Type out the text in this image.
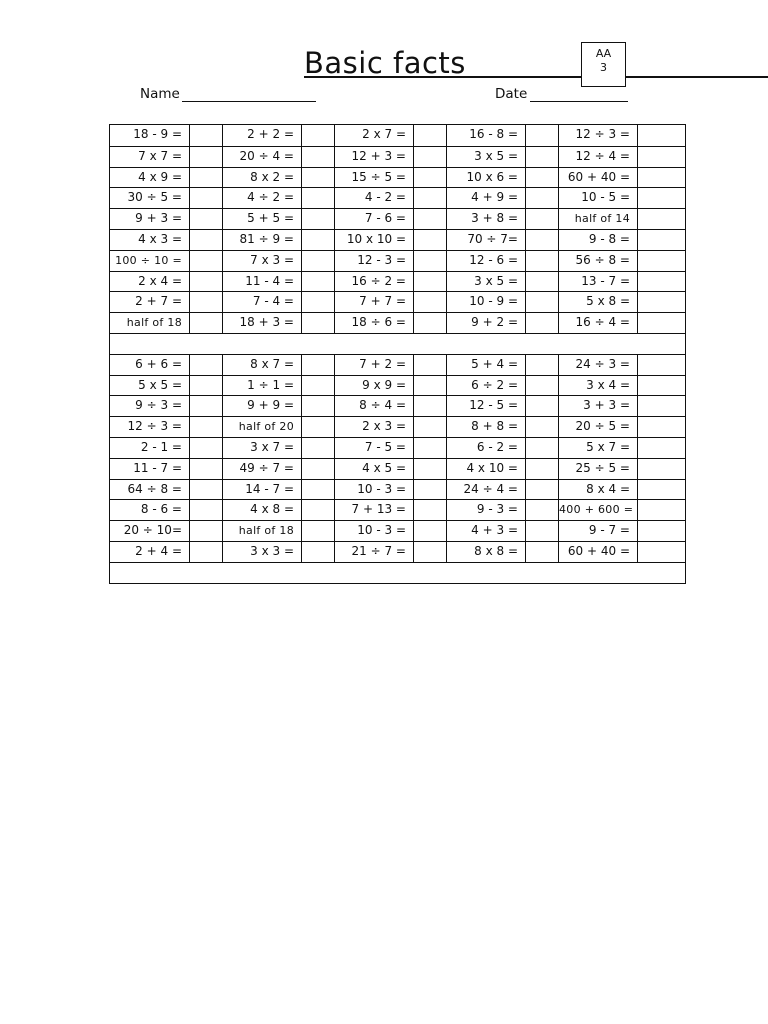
Basic facts	AA
3
Name	Date
18 - 9 =	2 + 2 =	2 x 7 =	16 - 8 =	12 ÷ 3 =
7 x 7 =	20 ÷ 4 =	12 + 3 =	3 x 5 =	12 ÷ 4 =
4 x 9 =	8 x 2 =	15 ÷ 5 =	10 x 6 =	60 + 40 =
30 ÷ 5 =	4 ÷ 2 =	4 - 2 =	4 + 9 =	10 - 5 =
9 + 3 =	5 + 5 =	7 - 6 =	3 + 8 =	half of 14
4 x 3 =	81 ÷ 9 =	10 x 10 =	70 ÷ 7=	9 - 8 =
100 ÷ 10 =	7 x 3 =	12 - 3 =	12 - 6 =	56 ÷ 8 =
2 x 4 =	11 - 4 =	16 ÷ 2 =	3 x 5 =	13 - 7 =
2 + 7 =	7 - 4 =	7 + 7 =	10 - 9 =	5 x 8 =
half of 18	18 + 3 =	18 ÷ 6 =	9 + 2 =	16 ÷ 4 =
6 + 6 =	8 x 7 =	7 + 2 =	5 + 4 =	24 ÷ 3 =
5 x 5 =	1 ÷ 1 =	9 x 9 =	6 ÷ 2 =	3 x 4 =
9 ÷ 3 =	9 + 9 =	8 ÷ 4 =	12 - 5 =	3 + 3 =
12 ÷ 3 =	half of 20	2 x 3 =	8 + 8 =	20 ÷ 5 =
2 - 1 =	3 x 7 =	7 - 5 =	6 - 2 =	5 x 7 =
11 - 7 =	49 ÷ 7 =	4 x 5 =	4 x 10 =	25 ÷ 5 =
64 ÷ 8 =	14 - 7 =	10 - 3 =	24 ÷ 4 =	8 x 4 =
8 - 6 =	4 x 8 =	7 + 13 =	9 - 3 =	400 + 600 =
20 ÷ 10=	half of 18	10 - 3 =	4 + 3 =	9 - 7 =
2 + 4 =	3 x 3 =	21 ÷ 7 =	8 x 8 =	60 + 40 =
